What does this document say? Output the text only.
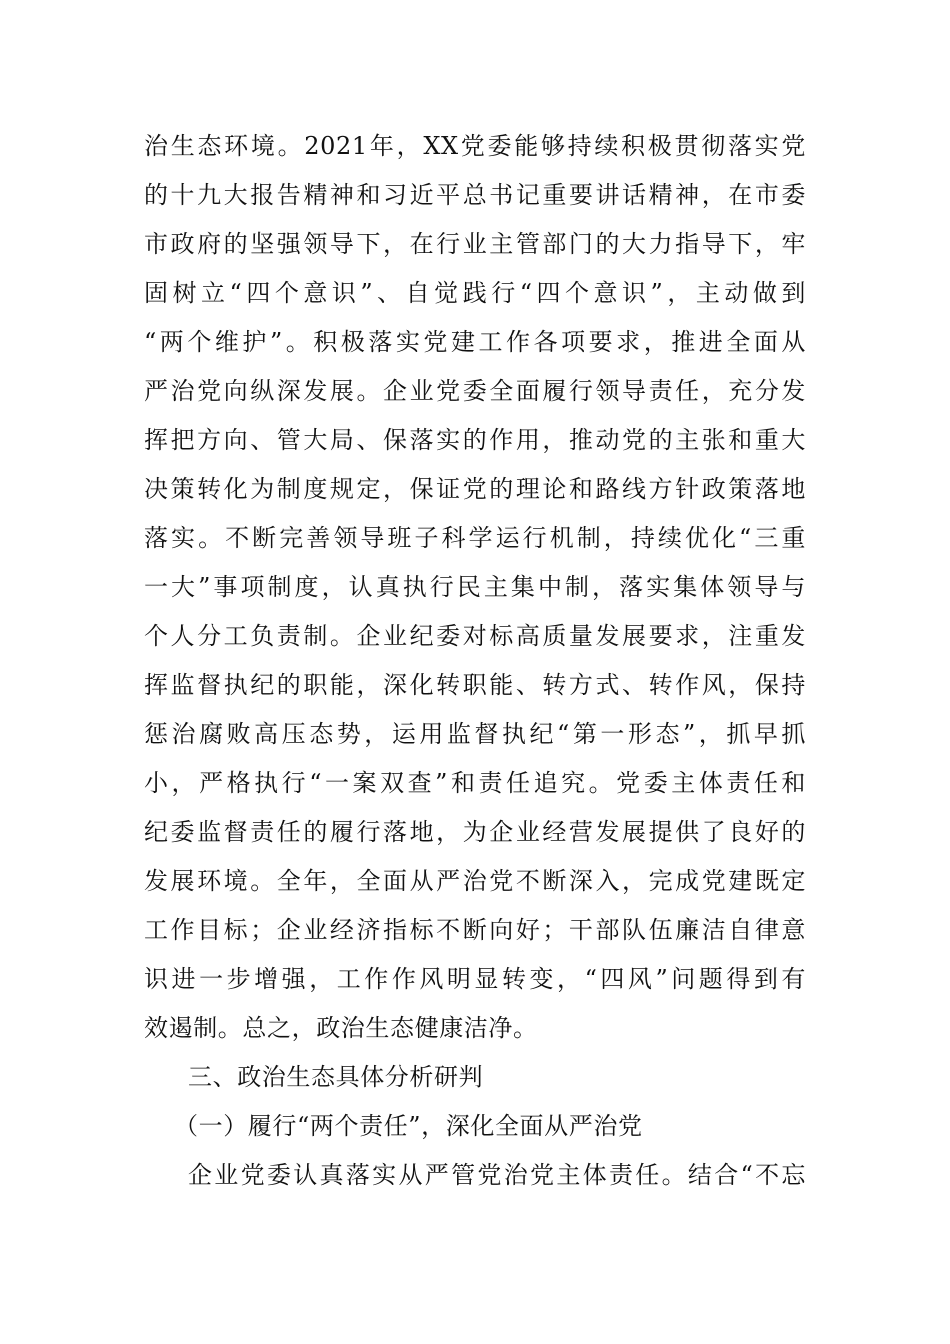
治生态环境。2021年，XX党委能够持续积极贯彻落实党
的十九大报告精神和习近平总书记重要讲话精神，在市委
市政府的坚强领导下，在行业主管部门的大力指导下，牢
固树立“四个意识”、自觉践行“四个意识”，主动做到
“两个维护”。积极落实党建工作各项要求，推进全面从
严治党向纵深发展。企业党委全面履行领导责任，充分发
挥把方向、管大局、保落实的作用，推动党的主张和重大
决策转化为制度规定，保证党的理论和路线方针政策落地
落实。不断完善领导班子科学运行机制，持续优化“三重
一大”事项制度，认真执行民主集中制，落实集体领导与
个人分工负责制。企业纪委对标高质量发展要求，注重发
挥监督执纪的职能，深化转职能、转方式、转作风，保持
惩治腐败高压态势，运用监督执纪“第一形态”，抓早抓
小，严格执行“一案双查”和责任追究。党委主体责任和
纪委监督责任的履行落地，为企业经营发展提供了良好的
发展环境。全年，全面从严治党不断深入，完成党建既定
工作目标；企业经济指标不断向好；干部队伍廉洁自律意
识进一步增强，工作作风明显转变，“四风”问题得到有
效遏制。总之，政治生态健康洁净。
三、政治生态具体分析研判
（一）履行“两个责任”，深化全面从严治党
企业党委认真落实从严管党治党主体责任。结合“不忘
